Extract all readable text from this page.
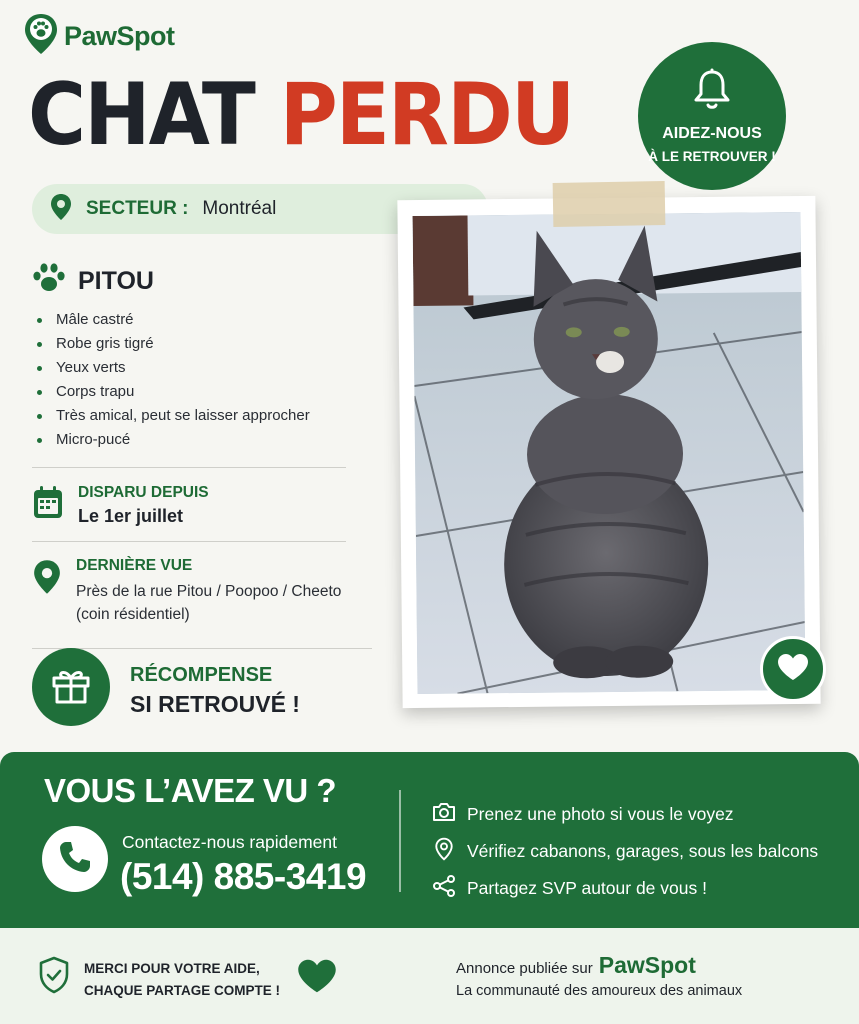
PawSpot
CHAT PERDU	AIDEZ-NOUS
À LE RETROUVER !
SECTEUR : Montréal
PITOU
Mâle castré
Robe gris tigré
Yeux verts
Corps trapu
Très amical, peut se laisser approcher
Micro-pucé
DISPARU DEPUIS
Le 1er juillet
DERNIÈRE VUE
Près de la rue Pitou / Poopoo / Cheeto
(coin résidentiel)
RÉCOMPENSE
SI RETROUVÉ !
VOUS L’AVEZ VU ?
Contactez-nous rapidement
(514) 885-3419
Prenez une photo si vous le voyez
Vérifiez cabanons, garages, sous les balcons
Partagez SVP autour de vous !
MERCI POUR VOTRE AIDE,
CHAQUE PARTAGE COMPTE !
Annonce publiée sur PawSpot
La communauté des amoureux des animaux
